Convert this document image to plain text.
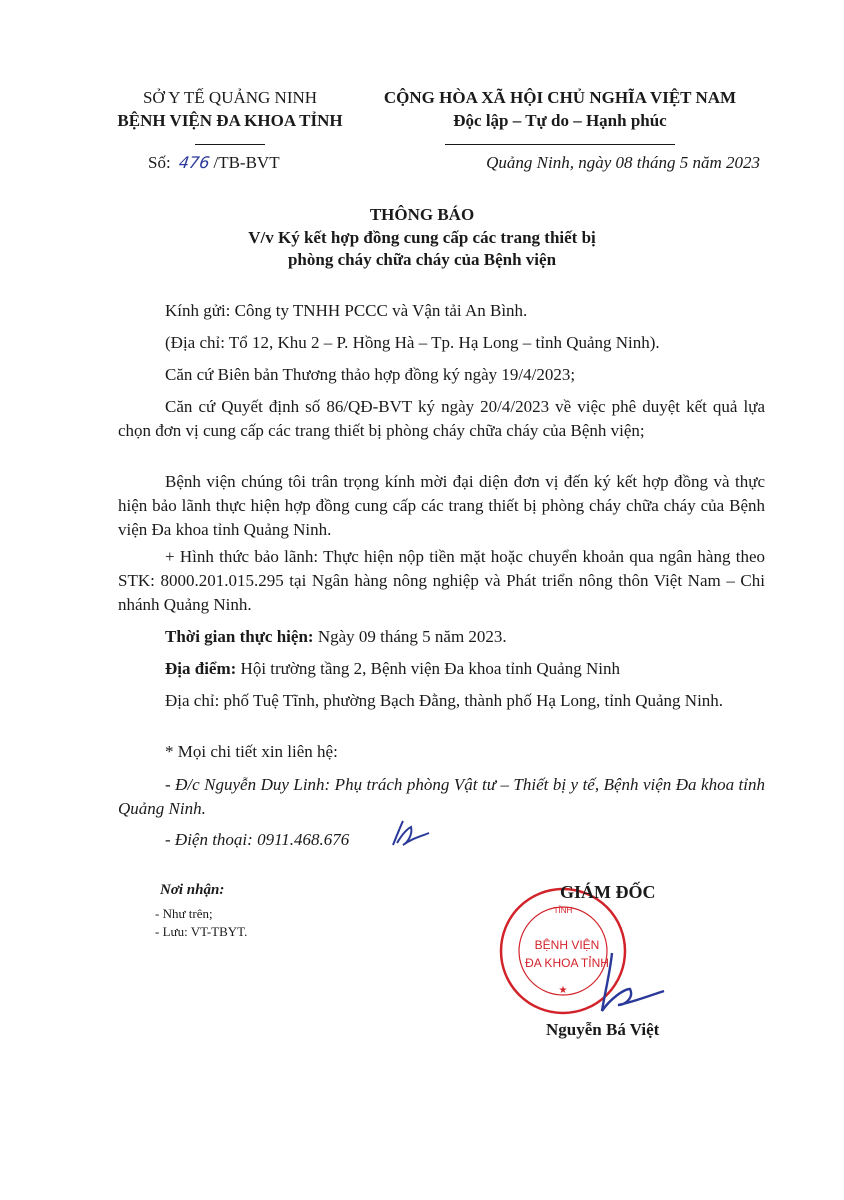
SỞ Y TẾ QUẢNG NINH
BỆNH VIỆN ĐA KHOA TỈNH
CỘNG HÒA XÃ HỘI CHỦ NGHĨA VIỆT NAM
Độc lập – Tự do – Hạnh phúc
Số: 476 /TB-BVT	Quảng Ninh, ngày 08 tháng 5 năm 2023
THÔNG BÁO
V/v Ký kết hợp đồng cung cấp các trang thiết bị
phòng cháy chữa cháy của Bệnh viện

Kính gửi: Công ty TNHH PCCC và Vận tải An Bình.

(Địa chỉ: Tổ 12, Khu 2 – P. Hồng Hà – Tp. Hạ Long – tỉnh Quảng Ninh).

Căn cứ Biên bản Thương thảo hợp đồng ký ngày 19/4/2023;

Căn cứ Quyết định số 86/QĐ-BVT ký ngày 20/4/2023 về việc phê duyệt kết quả lựa chọn đơn vị cung cấp các trang thiết bị phòng cháy chữa cháy của Bệnh viện;

Bệnh viện chúng tôi trân trọng kính mời đại diện đơn vị đến ký kết hợp đồng và thực hiện bảo lãnh thực hiện hợp đồng cung cấp các trang thiết bị phòng cháy chữa cháy của Bệnh viện Đa khoa tỉnh Quảng Ninh.

+ Hình thức bảo lãnh: Thực hiện nộp tiền mặt hoặc chuyển khoản qua ngân hàng theo STK: 8000.201.015.295 tại Ngân hàng nông nghiệp và Phát triển nông thôn Việt Nam – Chi nhánh Quảng Ninh.

Thời gian thực hiện: Ngày 09 tháng 5 năm 2023.

Địa điểm: Hội trường tầng 2, Bệnh viện Đa khoa tỉnh Quảng Ninh

Địa chỉ: phố Tuệ Tĩnh, phường Bạch Đằng, thành phố Hạ Long, tỉnh Quảng Ninh.

* Mọi chi tiết xin liên hệ:

- Đ/c Nguyễn Duy Linh: Phụ trách phòng Vật tư – Thiết bị y tế, Bệnh viện Đa khoa tỉnh Quảng Ninh.

- Điện thoại: 0911.468.676

Nơi nhận:
- Như trên;
- Lưu: VT-TBYT.
TỈNH
★
BỆNH VIỆN
ĐA KHOA TỈNH
GIÁM ĐỐC
Nguyễn Bá Việt
